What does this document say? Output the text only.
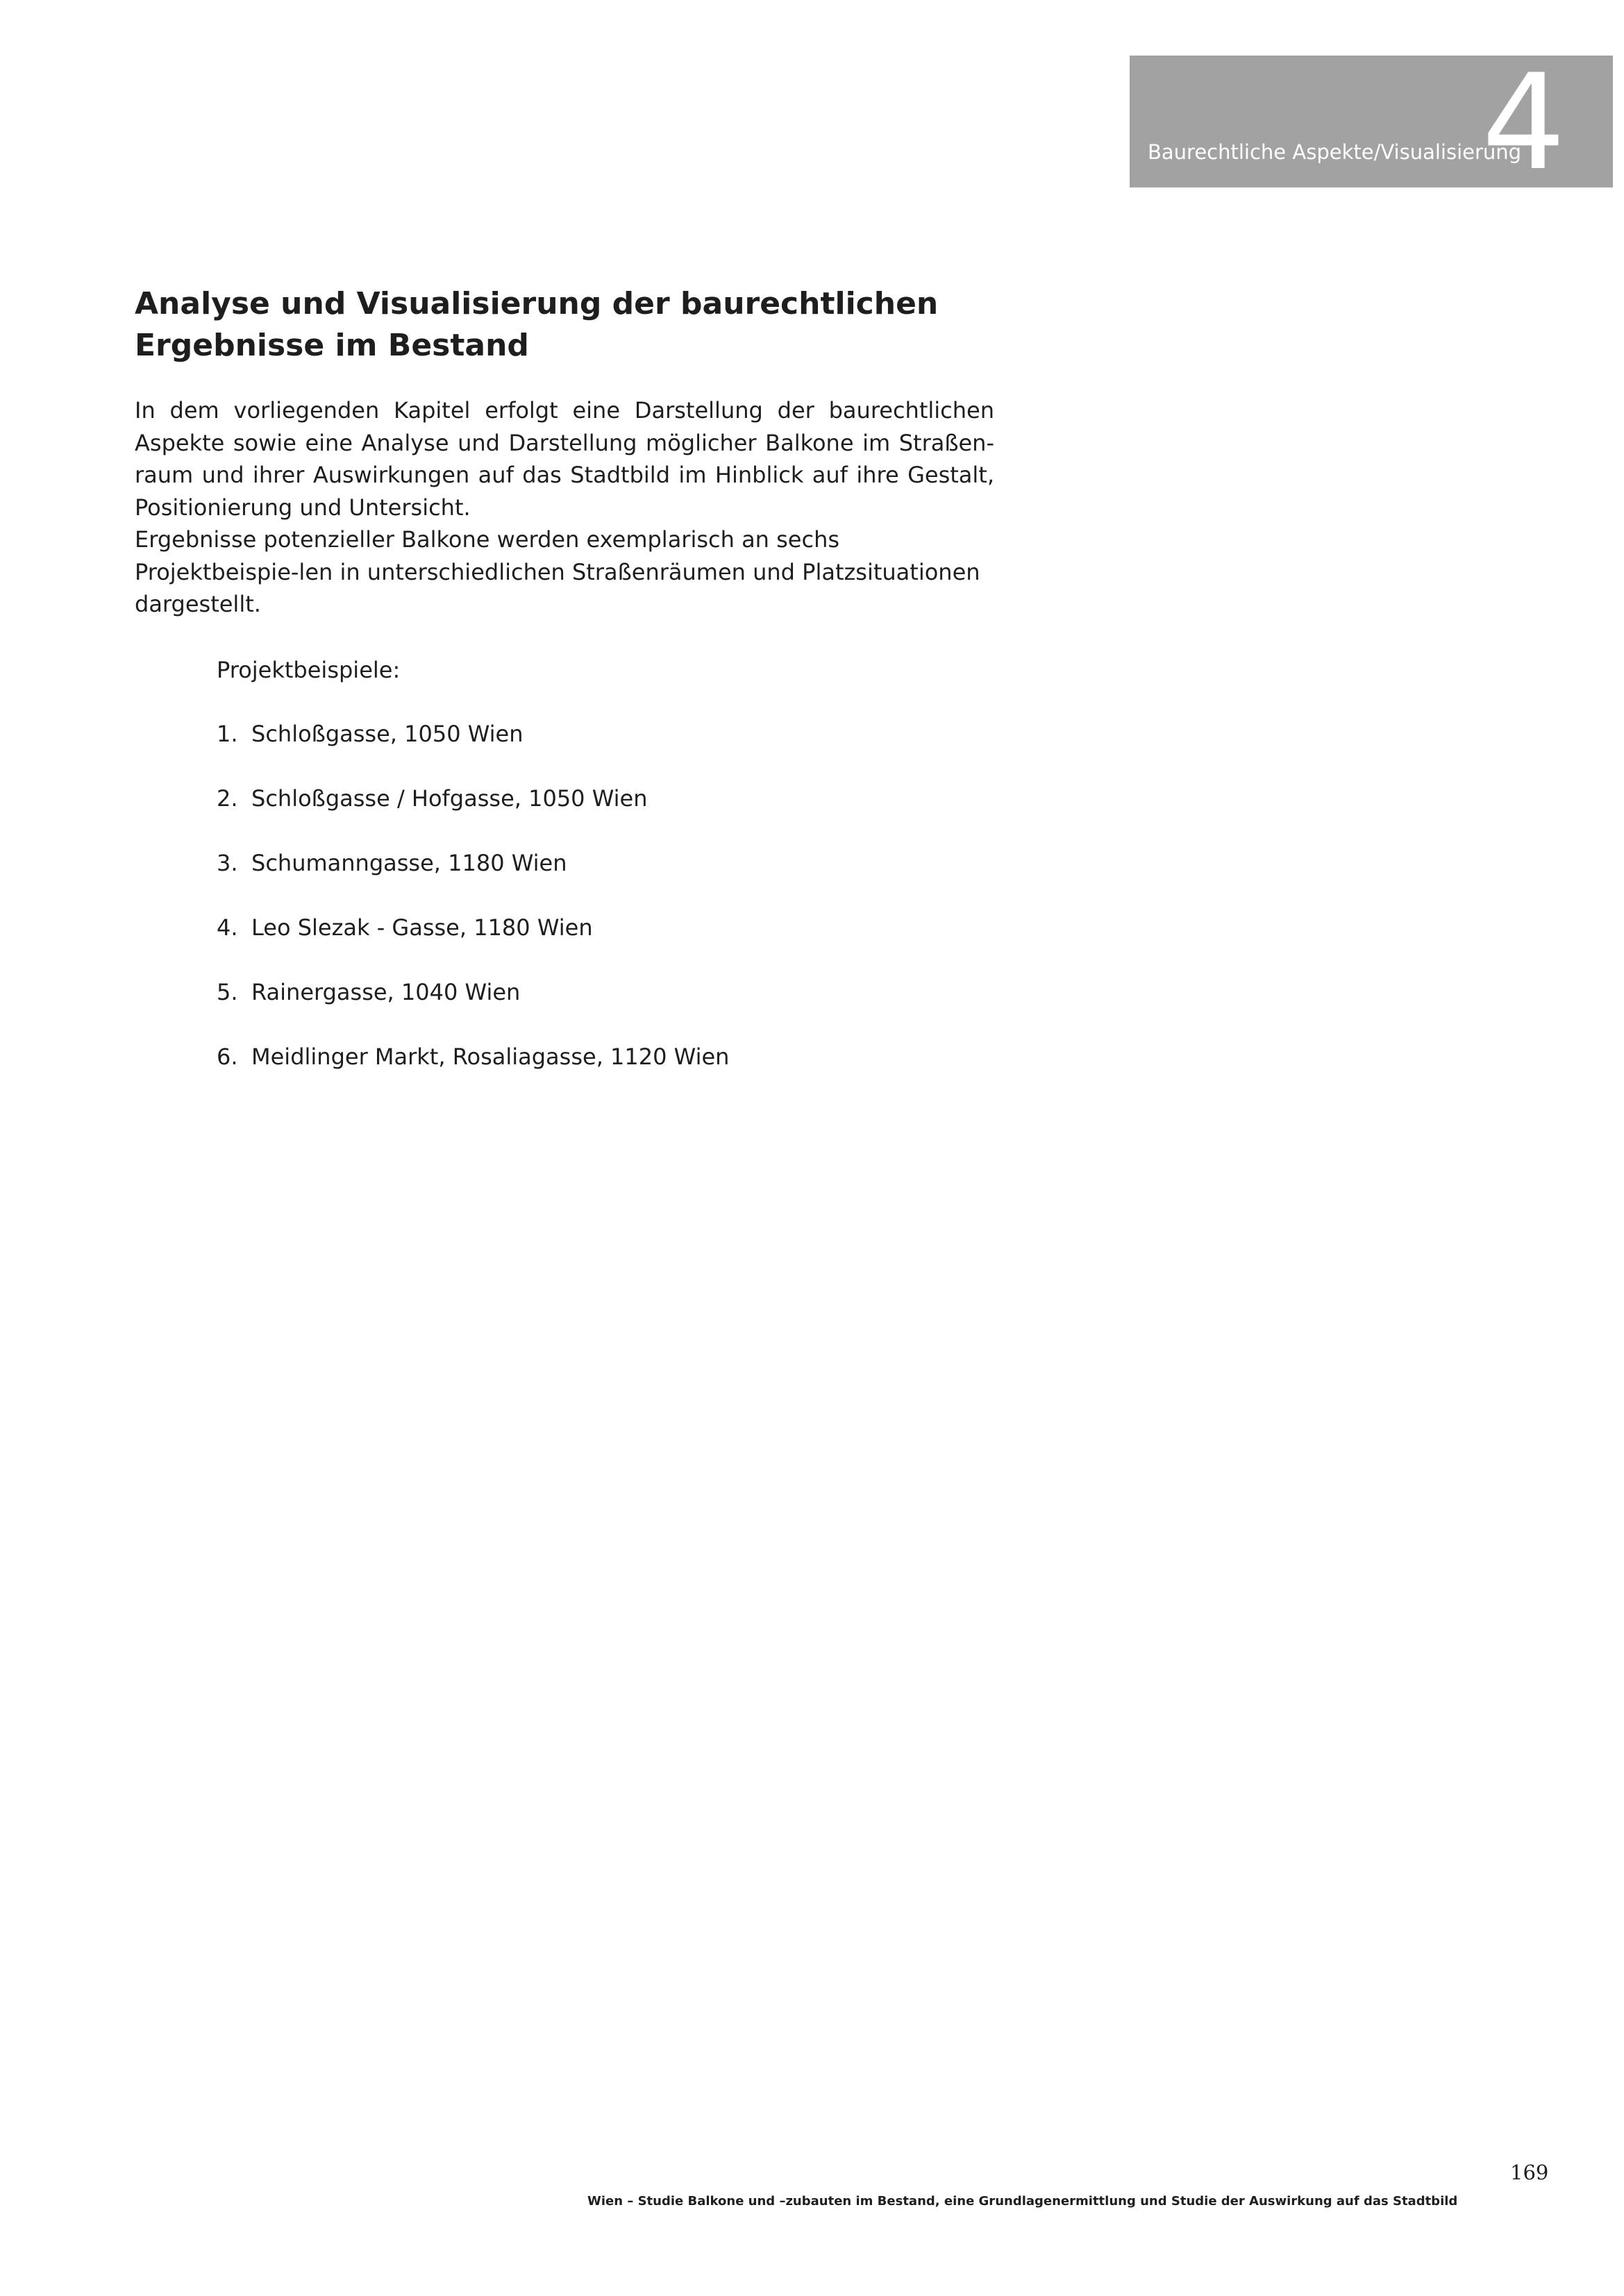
Baurechtliche Aspekte/Visualisierung
4
Analyse und Visualisierung der baurechtlichen
Ergebnisse im Bestand

In dem vorliegenden Kapitel erfolgt eine Darstellung der baurechtlichen Aspekte sowie eine Analyse und Darstellung möglicher Balkone im Straßen-raum und ihrer Auswirkungen auf das Stadtbild im Hinblick auf ihre Gestalt, Positionierung und Untersicht.

Ergebnisse potenzieller Balkone werden exemplarisch an sechs Projektbeispie-len in unterschiedlichen Straßenräumen und Platzsituationen dargestellt.

Projektbeispiele:

1. Schloßgasse, 1050 Wien
2. Schloßgasse / Hofgasse, 1050 Wien
3. Schumanngasse, 1180 Wien
4. Leo Slezak - Gasse, 1180 Wien
5. Rainergasse, 1040 Wien
6. Meidlinger Markt, Rosaliagasse, 1120 Wien
169
Wien – Studie Balkone und –zubauten im Bestand, eine Grundlagenermittlung und Studie der Auswirkung auf das Stadtbild
